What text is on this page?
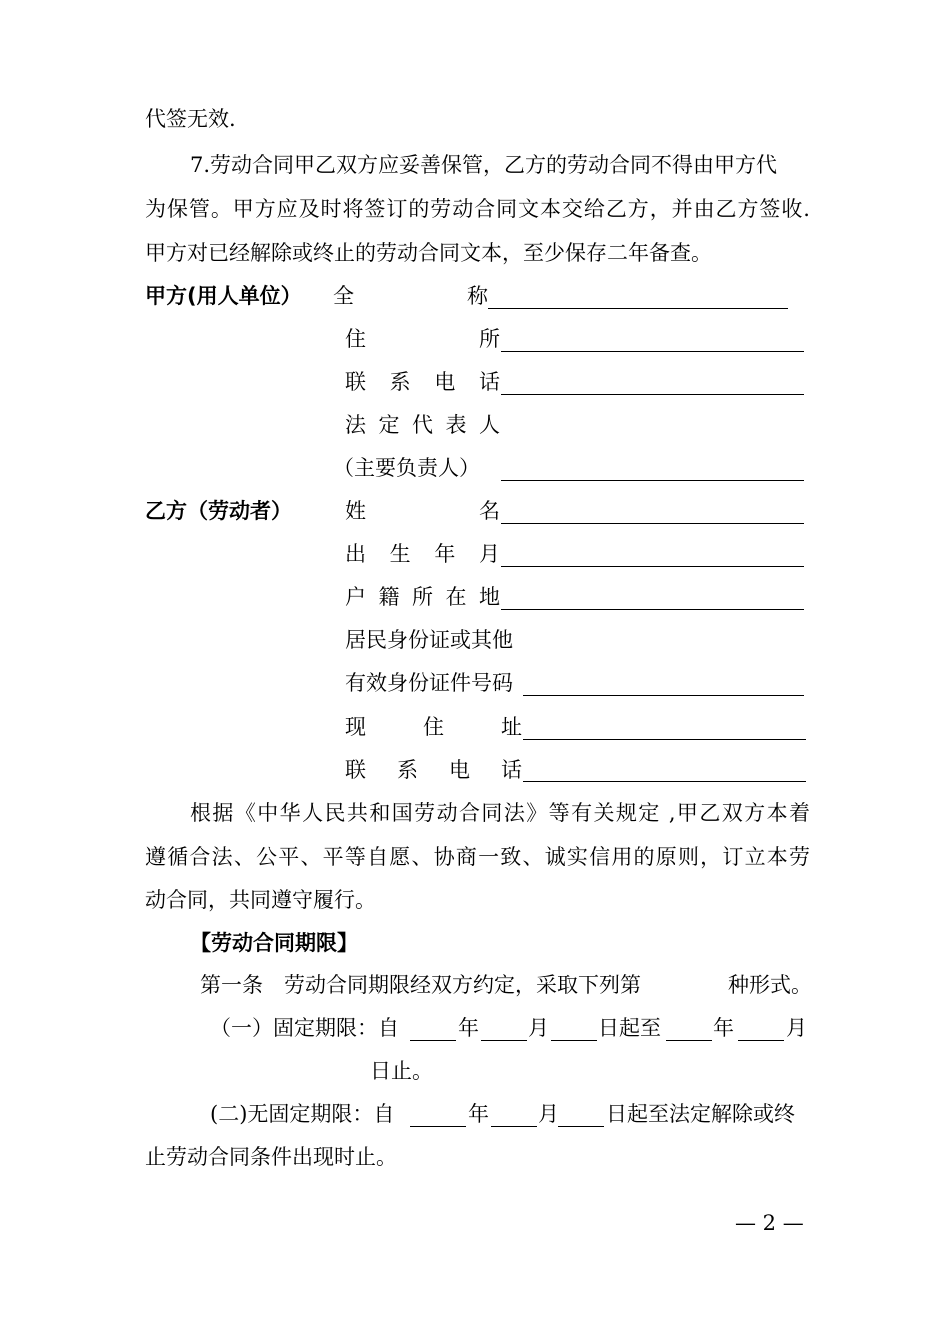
代签无效.
7.劳动合同甲乙双方应妥善保管，乙方的劳动合同不得由甲方代
为保管。甲方应及时将签订的劳动合同文本交给乙方，并由乙方签收.
甲方对已经解除或终止的劳动合同文本，至少保存二年备查。
甲方(用人单位） 全称
住所
联系电话
法定代表人
（主要负责人）
乙方（劳动者）	姓名
出生年月
户籍所在地
居民身份证或其他
有效身份证件号码
现住址
联系电话
根据《中华人民共和国劳动合同法》等有关规定 ,甲乙双方本着
遵循合法、公平、平等自愿、协商一致、诚实信用的原则，订立本劳
动合同，共同遵守履行。
【劳动合同期限】
第一条　劳动合同期限经双方约定，采取下列第	种形式。
（一）固定期限：自	年 月 日起至 年 月
日止。
(二)无固定期限：自	年 月 日起至法定解除或终
止劳动合同条件出现时止。
— 2 —
